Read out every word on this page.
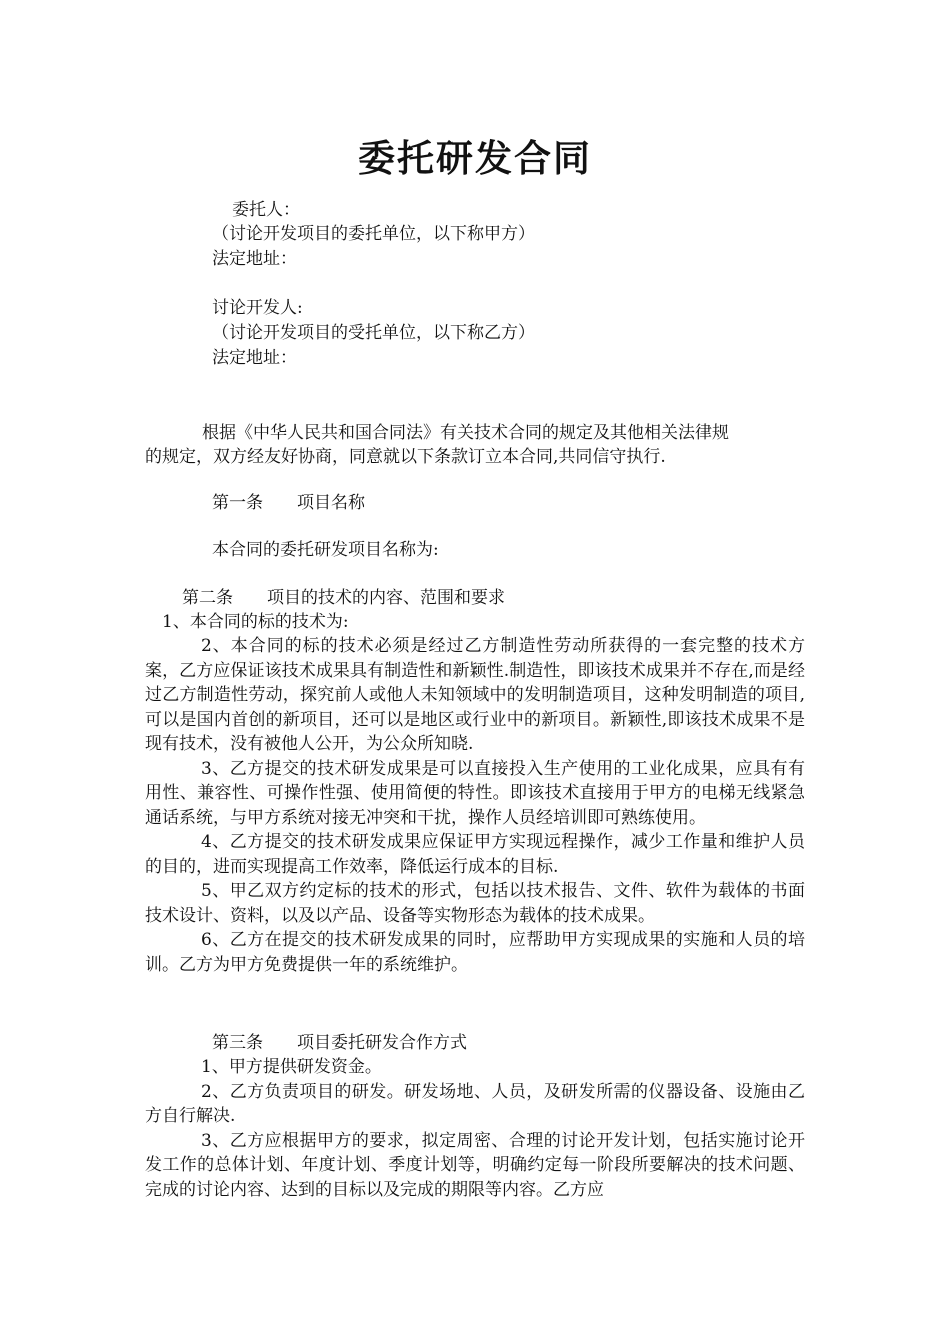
委托研发合同
委托人：
（讨论开发项目的委托单位，以下称甲方）
法定地址：
讨论开发人:
（讨论开发项目的受托单位，以下称乙方）
法定地址：
根据《中华人民共和国合同法》有关技术合同的规定及其他相关法律规
的规定，双方经友好协商，同意就以下条款订立本合同,共同信守执行.
第一条　　项目名称
本合同的委托研发项目名称为:
第二条　　项目的技术的内容、范围和要求
1、本合同的标的技术为:

2、本合同的标的技术必须是经过乙方制造性劳动所获得的一套完整的技术方案，乙方应保证该技术成果具有制造性和新颖性.制造性，即该技术成果并不存在,而是经过乙方制造性劳动，探究前人或他人未知领域中的发明制造项目，这种发明制造的项目,可以是国内首创的新项目，还可以是地区或行业中的新项目。新颖性,即该技术成果不是现有技术，没有被他人公开，为公众所知晓.

3、乙方提交的技术研发成果是可以直接投入生产使用的工业化成果，应具有有用性、兼容性、可操作性强、使用简便的特性。即该技术直接用于甲方的电梯无线紧急通话系统，与甲方系统对接无冲突和干扰，操作人员经培训即可熟练使用。

4、乙方提交的技术研发成果应保证甲方实现远程操作，减少工作量和维护人员的目的，进而实现提高工作效率，降低运行成本的目标.

5、甲乙双方约定标的技术的形式，包括以技术报告、文件、软件为载体的书面技术设计、资料，以及以产品、设备等实物形态为载体的技术成果。

6、乙方在提交的技术研发成果的同时，应帮助甲方实现成果的实施和人员的培训。乙方为甲方免费提供一年的系统维护。

第三条　　项目委托研发合作方式

1、甲方提供研发资金。

2、乙方负责项目的研发。研发场地、人员，及研发所需的仪器设备、设施由乙方自行解决.

3、乙方应根据甲方的要求，拟定周密、合理的讨论开发计划，包括实施讨论开发工作的总体计划、年度计划、季度计划等，明确约定每一阶段所要解决的技术问题、完成的讨论内容、达到的目标以及完成的期限等内容。乙方应
